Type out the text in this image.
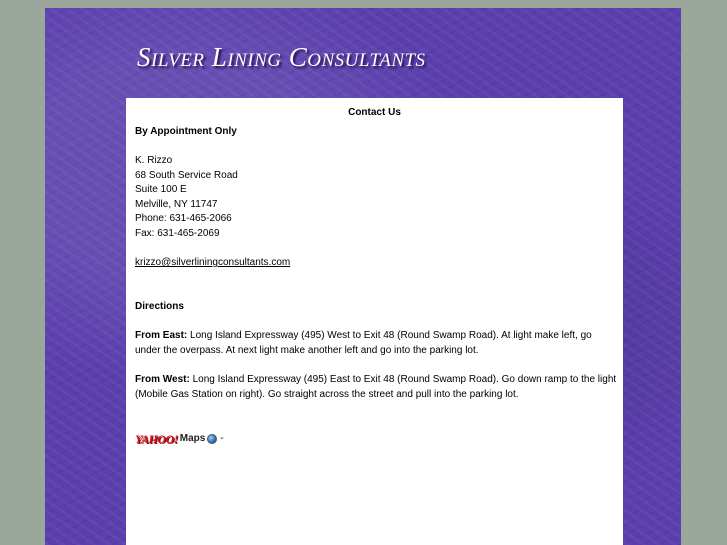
Silver Lining Consultants
Contact Us
By Appointment Only
K. Rizzo
68 South Service Road
Suite 100 E
Melville, NY 11747
Phone: 631-465-2066
Fax: 631-465-2069
krizzo@silverliningconsultants.com
Directions
From East: Long Island Expressway (495) West to Exit 48 (Round Swamp Road). At light make left, go under the overpass. At next light make another left and go into the parking lot.
From West: Long Island Expressway (495) East to Exit 48 (Round Swamp Road). Go down ramp to the light (Mobile Gas Station on right). Go straight across the street and pull into the parking lot.
YAHOO! Maps -
